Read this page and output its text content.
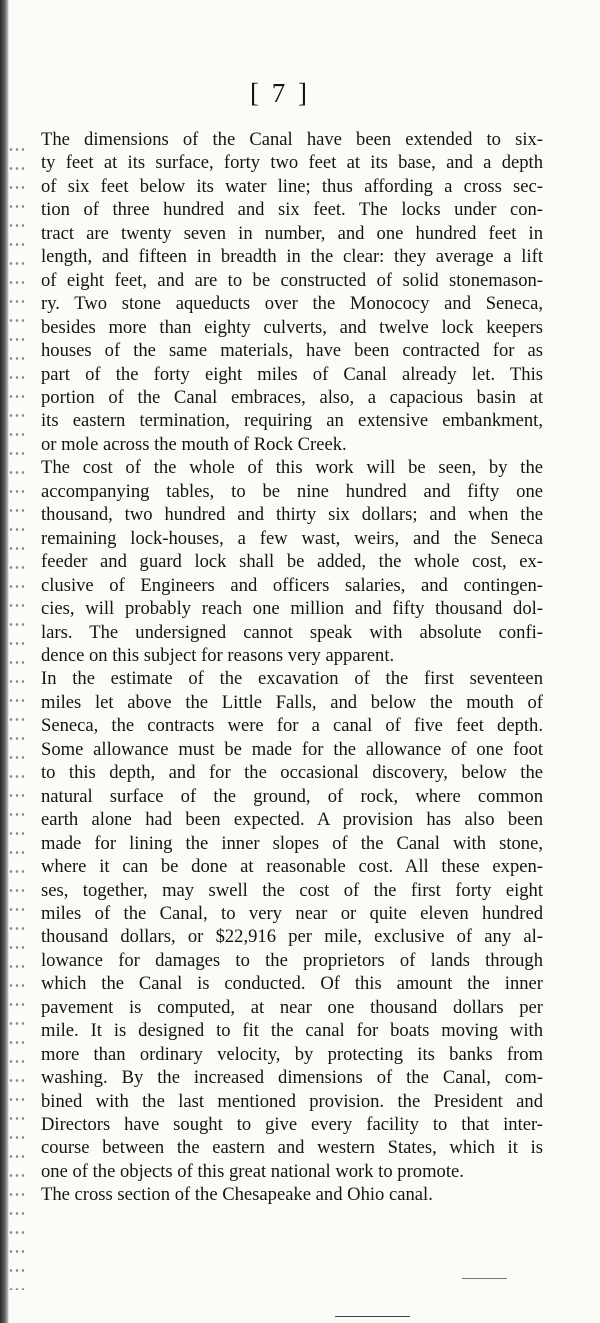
[ 7 ]

The dimensions of the Canal have been extended to six-
ty feet at its surface, forty two feet at its base, and a depth
of six feet below its water line; thus affording a cross sec-
tion of three hundred and six feet. The locks under con-
tract are twenty seven in number, and one hundred feet in
length, and fifteen in breadth in the clear: they average a lift
of eight feet, and are to be constructed of solid stonemason-
ry. Two stone aqueducts over the Monococy and Seneca,
besides more than eighty culverts, and twelve lock keepers
houses of the same materials, have been contracted for as
part of the forty eight miles of Canal already let. This
portion of the Canal embraces, also, a capacious basin at
its eastern termination, requiring an extensive embankment,
or mole across the mouth of Rock Creek.

The cost of the whole of this work will be seen, by the
accompanying tables, to be nine hundred and fifty one
thousand, two hundred and thirty six dollars; and when the
remaining lock-houses, a few wast, weirs, and the Seneca
feeder and guard lock shall be added, the whole cost, ex-
clusive of Engineers and officers salaries, and contingen-
cies, will probably reach one million and fifty thousand dol-
lars. The undersigned cannot speak with absolute confi-
dence on this subject for reasons very apparent.

In the estimate of the excavation of the first seventeen
miles let above the Little Falls, and below the mouth of
Seneca, the contracts were for a canal of five feet depth.
Some allowance must be made for the allowance of one foot
to this depth, and for the occasional discovery, below the
natural surface of the ground, of rock, where common
earth alone had been expected. A provision has also been
made for lining the inner slopes of the Canal with stone,
where it can be done at reasonable cost. All these expen-
ses, together, may swell the cost of the first forty eight
miles of the Canal, to very near or quite eleven hundred
thousand dollars, or $22,916 per mile, exclusive of any al-
lowance for damages to the proprietors of lands through
which the Canal is conducted. Of this amount the inner
pavement is computed, at near one thousand dollars per
mile. It is designed to fit the canal for boats moving with
more than ordinary velocity, by protecting its banks from
washing. By the increased dimensions of the Canal, com-
bined with the last mentioned provision. the President and
Directors have sought to give every facility to that inter-
course between the eastern and western States, which it is
one of the objects of this great national work to promote.

The cross section of the Chesapeake and Ohio canal.
